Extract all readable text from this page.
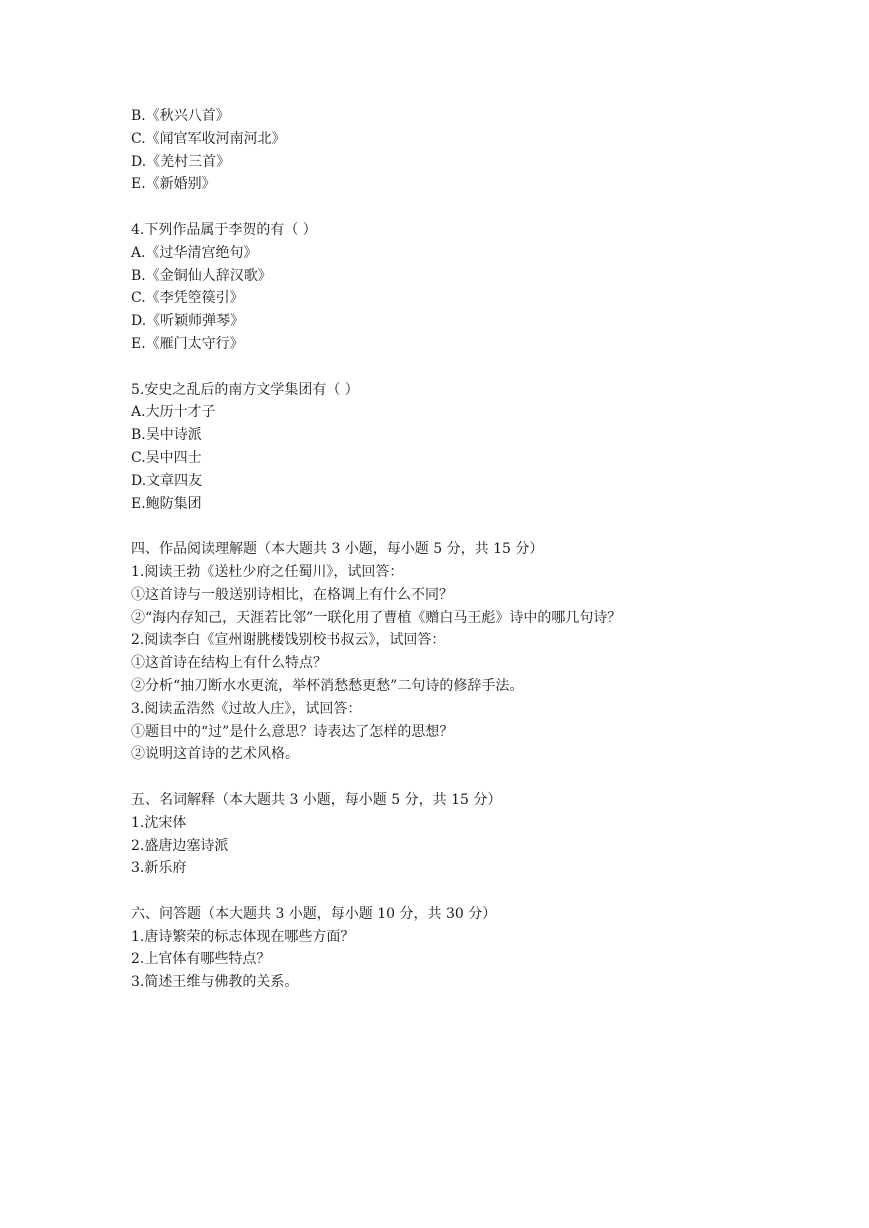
B.《秋兴八首》
C.《闻官军收河南河北》
D.《羌村三首》
E.《新婚别》
4.下列作品属于李贺的有（ ）
A.《过华清宫绝句》
B.《金铜仙人辞汉歌》
C.《李凭箜篌引》
D.《听颖师弹琴》
E.《雁门太守行》
5.安史之乱后的南方文学集团有（ ）
A.大历十才子
B.吴中诗派
C.吴中四士
D.文章四友
E.鲍防集团
四、作品阅读理解题（本大题共 3 小题，每小题 5 分，共 15 分）
1.阅读王勃《送杜少府之任蜀川》，试回答：
①这首诗与一般送别诗相比，在格调上有什么不同？
②“海内存知己，天涯若比邻”一联化用了曹植《赠白马王彪》诗中的哪几句诗？
2.阅读李白《宣州谢朓楼饯别校书叔云》，试回答：
①这首诗在结构上有什么特点？
②分析“抽刀断水水更流，举杯消愁愁更愁”二句诗的修辞手法。
3.阅读孟浩然《过故人庄》，试回答：
①题目中的“过”是什么意思？诗表达了怎样的思想？
②说明这首诗的艺术风格。
五、名词解释（本大题共 3 小题，每小题 5 分，共 15 分）
1.沈宋体
2.盛唐边塞诗派
3.新乐府
六、问答题（本大题共 3 小题，每小题 10 分，共 30 分）
1.唐诗繁荣的标志体现在哪些方面？
2.上官体有哪些特点？
3.简述王维与佛教的关系。
